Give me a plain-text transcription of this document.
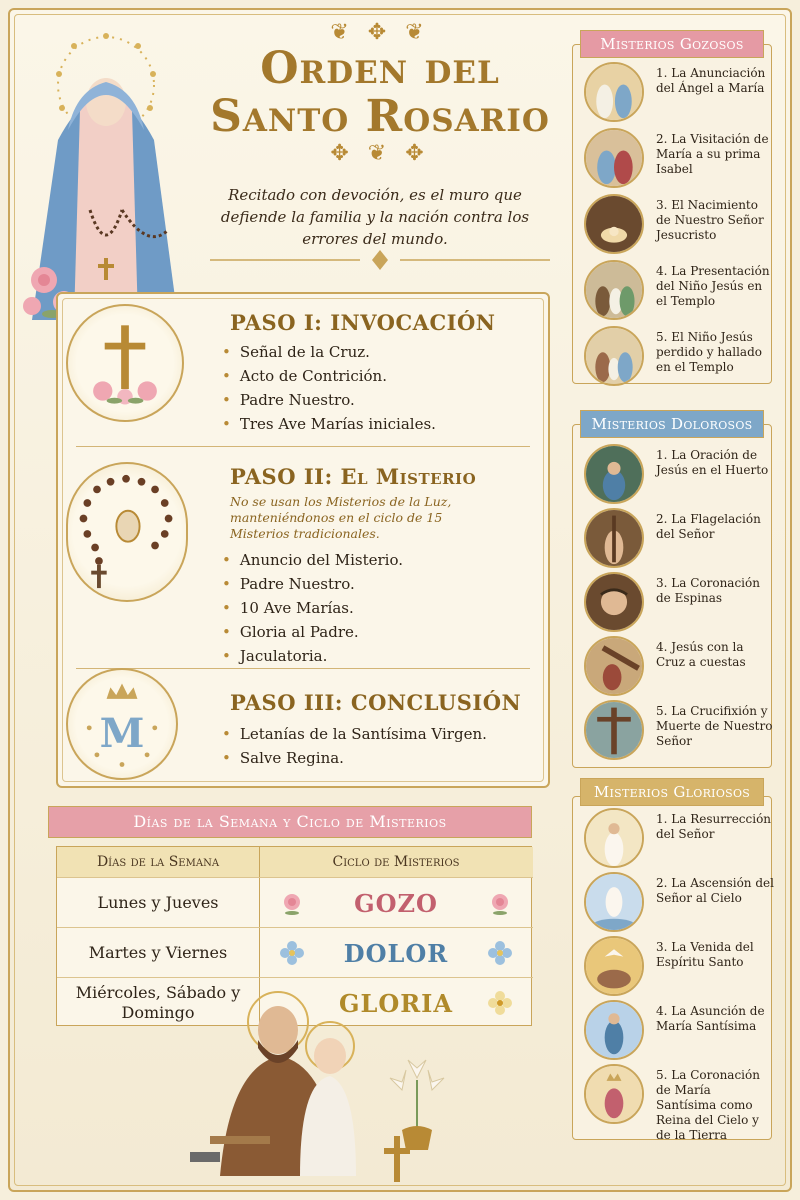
❦ ✥ ❦
Orden del
Santo Rosario
✥ ❦ ✥
Recitado con devoción, es el muro que defiende la familia y la nación contra los errores del mundo.
PASO I: INVOCACIÓN
• Señal de la Cruz.
• Acto de Contrición.
• Padre Nuestro.
• Tres Ave Marías iniciales.
PASO II: El Misterio
No se usan los Misterios de la Luz, manteniéndonos en el ciclo de 15 Misterios tradicionales.
• Anuncio del Misterio.
• Padre Nuestro.
• 10 Ave Marías.
• Gloria al Padre.
• Jaculatoria.
M
PASO III: CONCLUSIÓN
• Letanías de la Santísima Virgen.
• Salve Regina.
Días de la Semana y Ciclo de Misterios
Días de la Semana	Ciclo de Misterios
Lunes y Jueves	GOZO
Martes y Viernes	DOLOR
Miércoles, Sábado y Domingo	GLORIA
Misterios Gozosos
1. La Anunciación del Ángel a María
2. La Visitación de María a su prima Isabel
3. El Nacimiento de Nuestro Señor Jesucristo
4. La Presentación del Niño Jesús en el Templo
5. El Niño Jesús perdido y hallado en el Templo
Misterios Dolorosos
1. La Oración de Jesús en el Huerto
2. La Flagelación del Señor
3. La Coronación de Espinas
4. Jesús con la Cruz a cuestas
5. La Crucifixión y Muerte de Nuestro Señor
Misterios Gloriosos
1. La Resurrección del Señor
2. La Ascensión del Señor al Cielo
3. La Venida del Espíritu Santo
4. La Asunción de María Santísima
5. La Coronación de María Santísima como Reina del Cielo y de la Tierra
